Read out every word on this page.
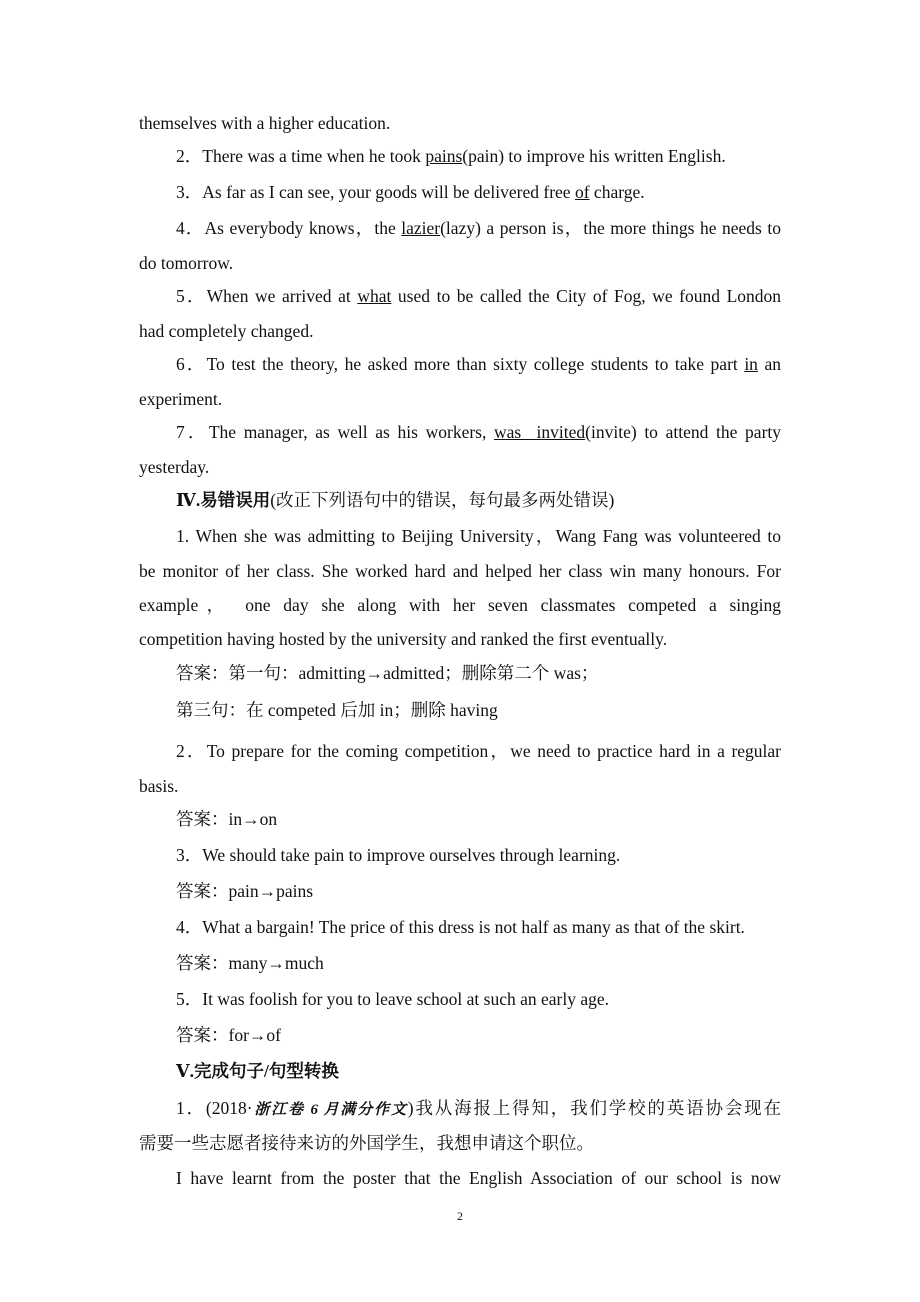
themselves with a higher education.
2．There was a time when he took pains(pain) to improve his written English.
3．As far as I can see, your goods will be delivered free of charge.
4．As everybody knows，the lazier(lazy) a person is，the more things he needs to
do tomorrow.
5．When we arrived at what used to be called the City of Fog, we found London
had completely changed.
6．To test the theory, he asked more than sixty college students to take part in an
experiment.
7．The manager, as well as his workers, was  invited(invite) to attend the party
yesterday.
Ⅳ.易错误用(改正下列语句中的错误，每句最多两处错误)
1. When she was admitting to Beijing University，Wang Fang was volunteered to
be monitor of her class. She worked hard and helped her class win many honours. For
example， one day she along with her seven classmates competed a singing
competition having hosted by the university and ranked the first eventually.
答案：第一句：admitting→admitted；删除第二个 was；
第三句：在 competed 后加 in；删除 having
2．To prepare for the coming competition，we need to practice hard in a regular
basis.
答案：in→on
3．We should take pain to improve ourselves through learning.
答案：pain→pains
4．What a bargain! The price of this dress is not half as many as that of the skirt.
答案：many→much
5．It was foolish for you to leave school at such an early age.
答案：for→of
Ⅴ.完成句子/句型转换
1．(2018·浙江卷 6 月满分作文)我从海报上得知，我们学校的英语协会现在
需要一些志愿者接待来访的外国学生，我想申请这个职位。
I have learnt from the poster that the English Association of our school is now
2
